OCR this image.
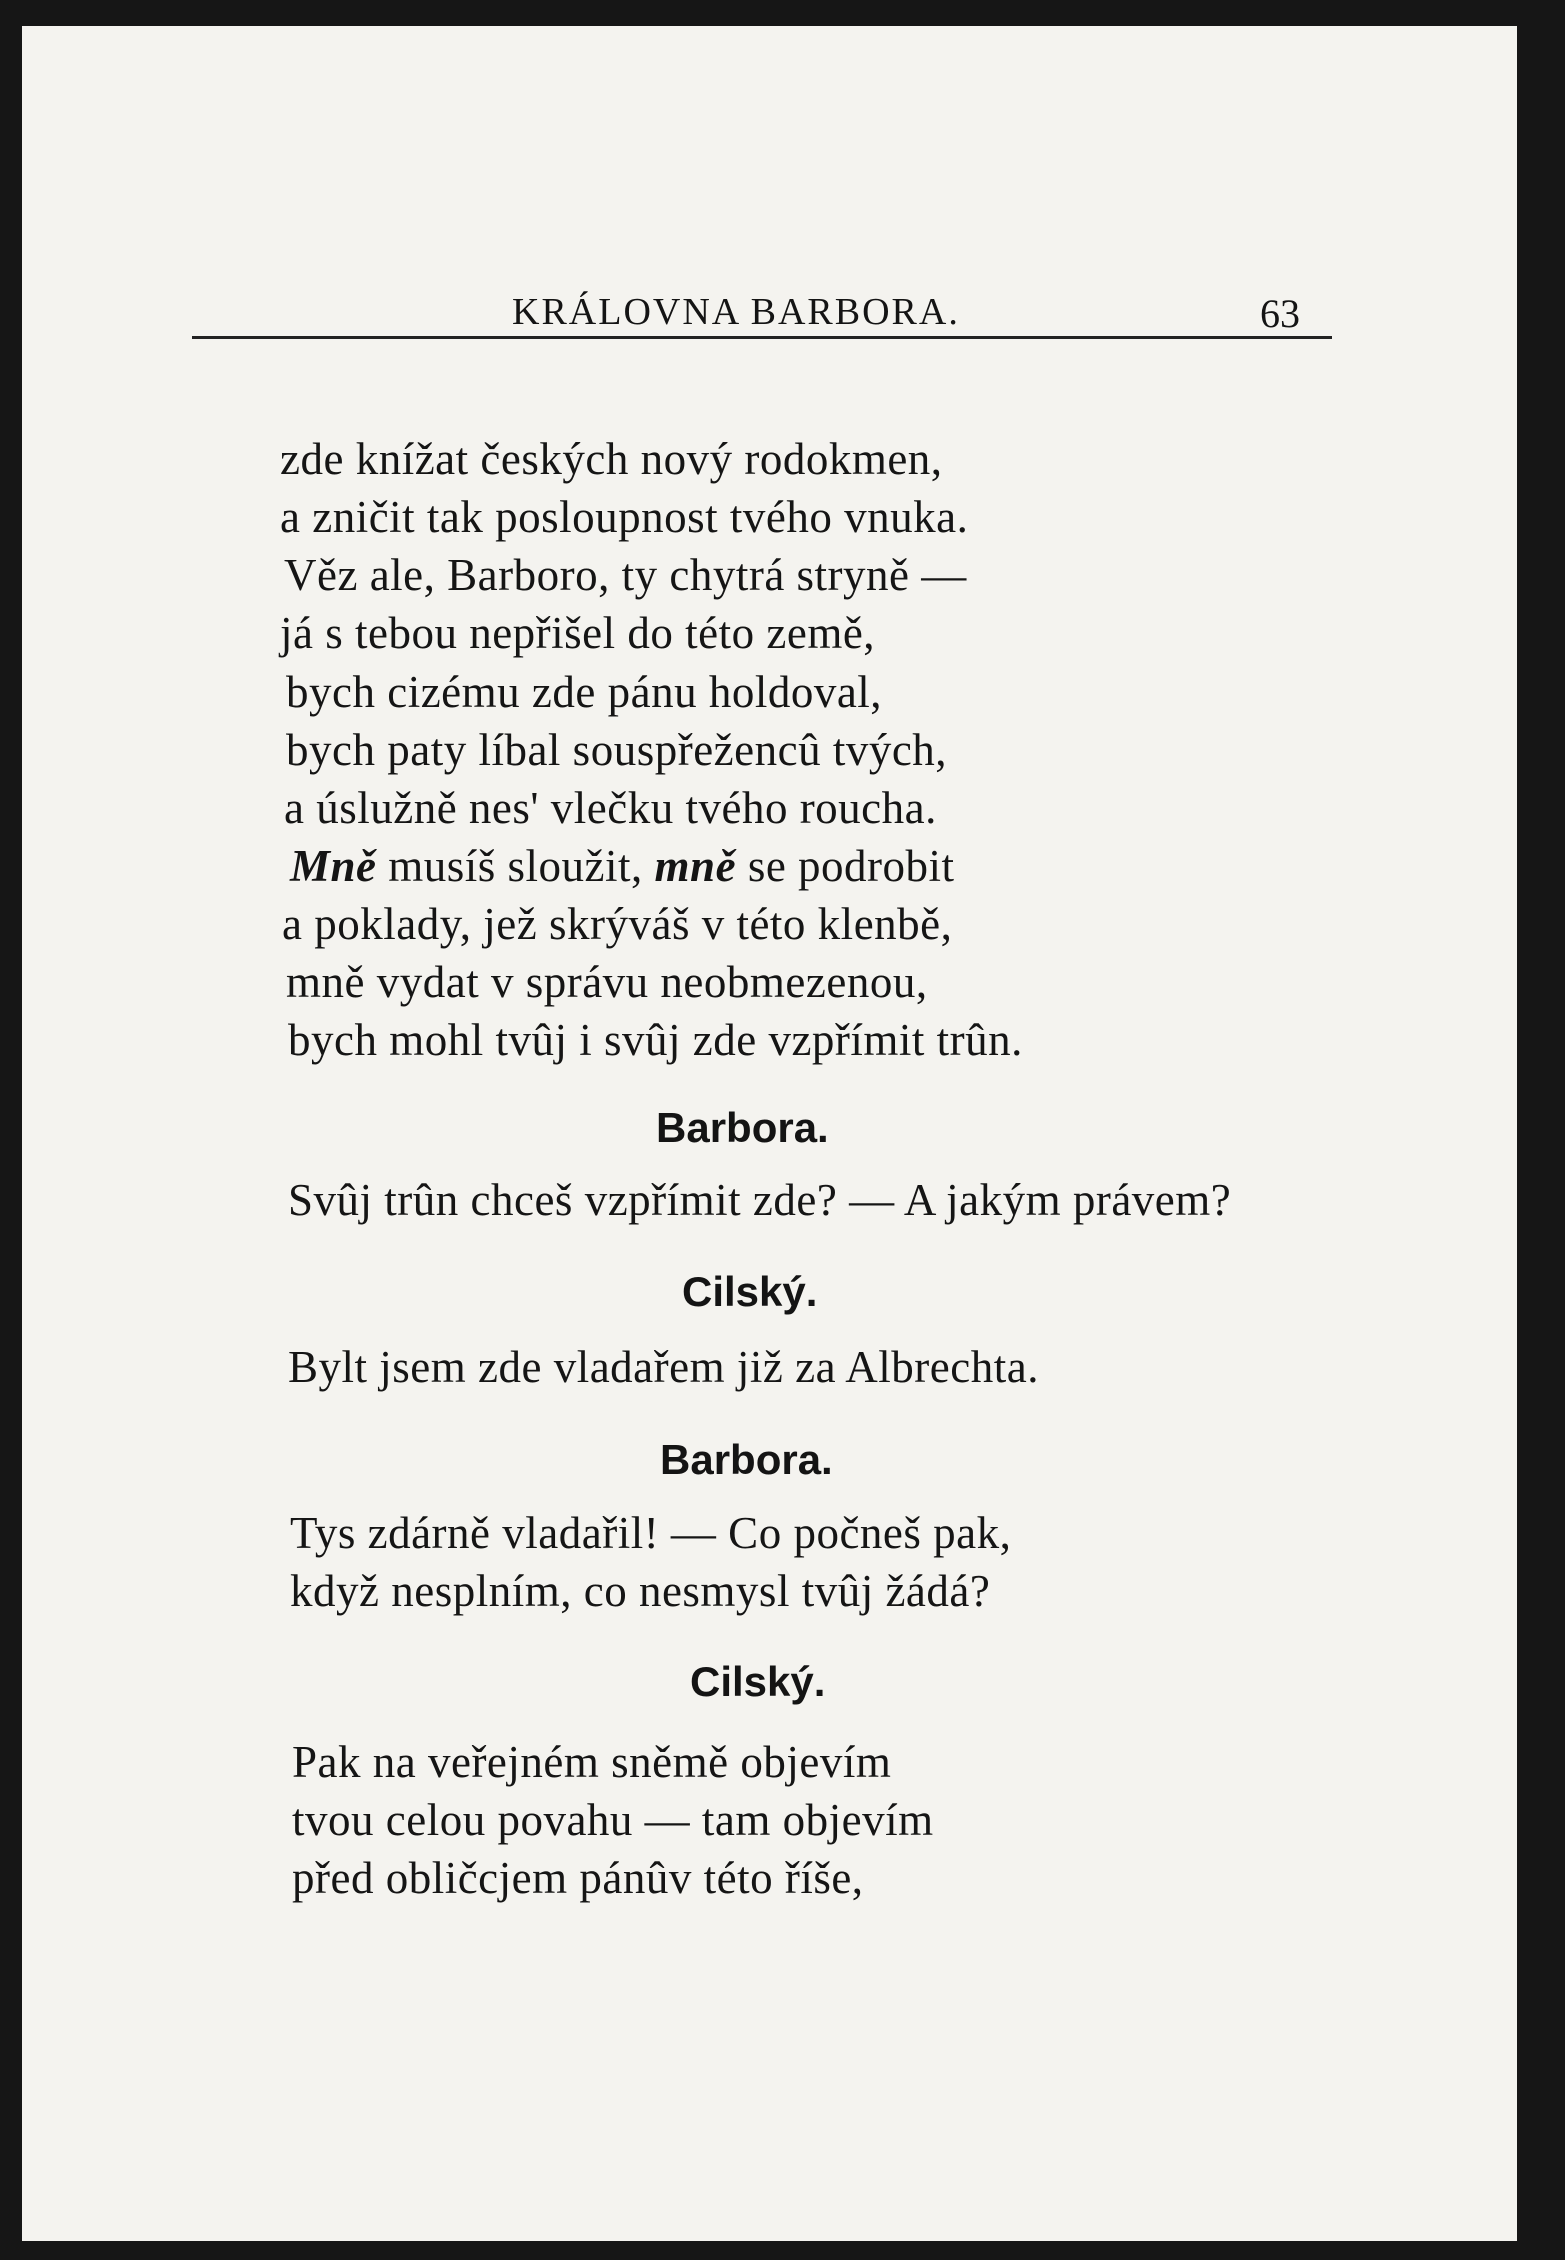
KRÁLOVNA BARBORA.	63
zde knížat českých nový rodokmen,
a zničit tak posloupnost tvého vnuka.
Věz ale, Barboro, ty chytrá stryně —
já s tebou nepřišel do této země,
bych cizému zde pánu holdoval,
bych paty líbal souspřežencû tvých,
a úslužně nes' vlečku tvého roucha.
Mně musíš sloužit, mně se podrobit
a poklady, jež skrýváš v této klenbě,
mně vydat v správu neobmezenou,
bych mohl tvûj i svûj zde vzpřímit trûn.
Barbora.
Svûj trûn chceš vzpřímit zde? — A jakým právem?
Cilský.
Bylt jsem zde vladařem již za Albrechta.
Barbora.
Tys zdárně vladařil! — Co počneš pak,
když nesplním, co nesmysl tvûj žádá?
Cilský.
Pak na veřejném sněmě objevím
tvou celou povahu — tam objevím
před obličcjem pánûv této říše,
